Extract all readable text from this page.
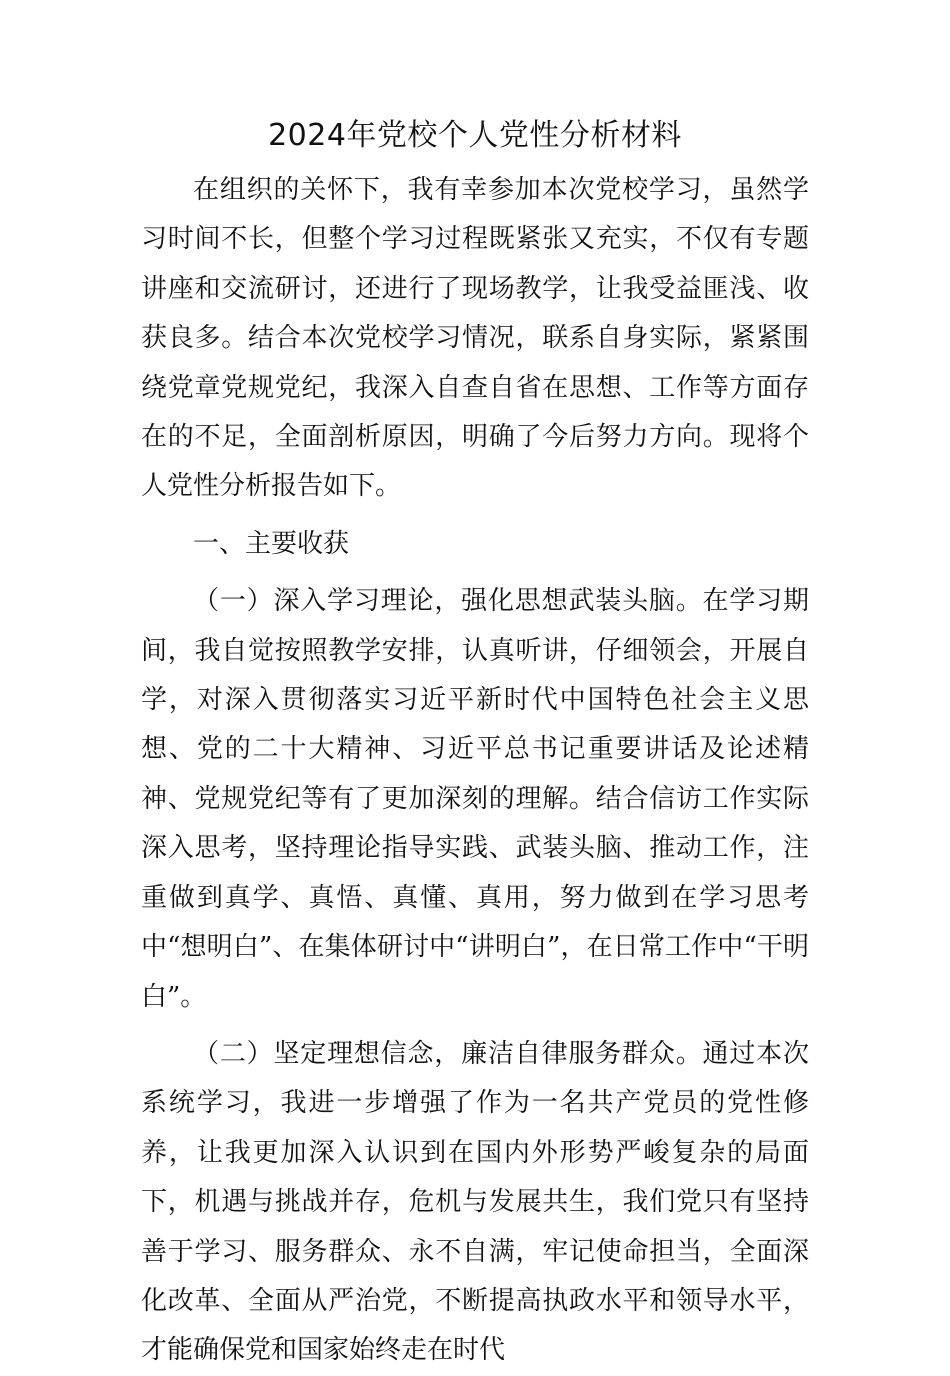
2024年党校个人党性分析材料

在组织的关怀下，我有幸参加本次党校学习，虽然学习时间不长，但整个学习过程既紧张又充实，不仅有专题讲座和交流研讨，还进行了现场教学，让我受益匪浅、收获良多。结合本次党校学习情况，联系自身实际，紧紧围绕党章党规党纪，我深入自查自省在思想、工作等方面存在的不足，全面剖析原因，明确了今后努力方向。现将个人党性分析报告如下。

一、主要收获

（一）深入学习理论，强化思想武装头脑。在学习期间，我自觉按照教学安排，认真听讲，仔细领会，开展自学，对深入贯彻落实习近平新时代中国特色社会主义思想、党的二十大精神、习近平总书记重要讲话及论述精神、党规党纪等有了更加深刻的理解。结合信访工作实际深入思考，坚持理论指导实践、武装头脑、推动工作，注重做到真学、真悟、真懂、真用，努力做到在学习思考中“想明白”、在集体研讨中“讲明白”，在日常工作中“干明白”。

（二）坚定理想信念，廉洁自律服务群众。通过本次系统学习，我进一步增强了作为一名共产党员的党性修养，让我更加深入认识到在国内外形势严峻复杂的局面下，机遇与挑战并存，危机与发展共生，我们党只有坚持善于学习、服务群众、永不自满，牢记使命担当，全面深化改革、全面从严治党，不断提高执政水平和领导水平，才能确保党和国家始终走在时代
